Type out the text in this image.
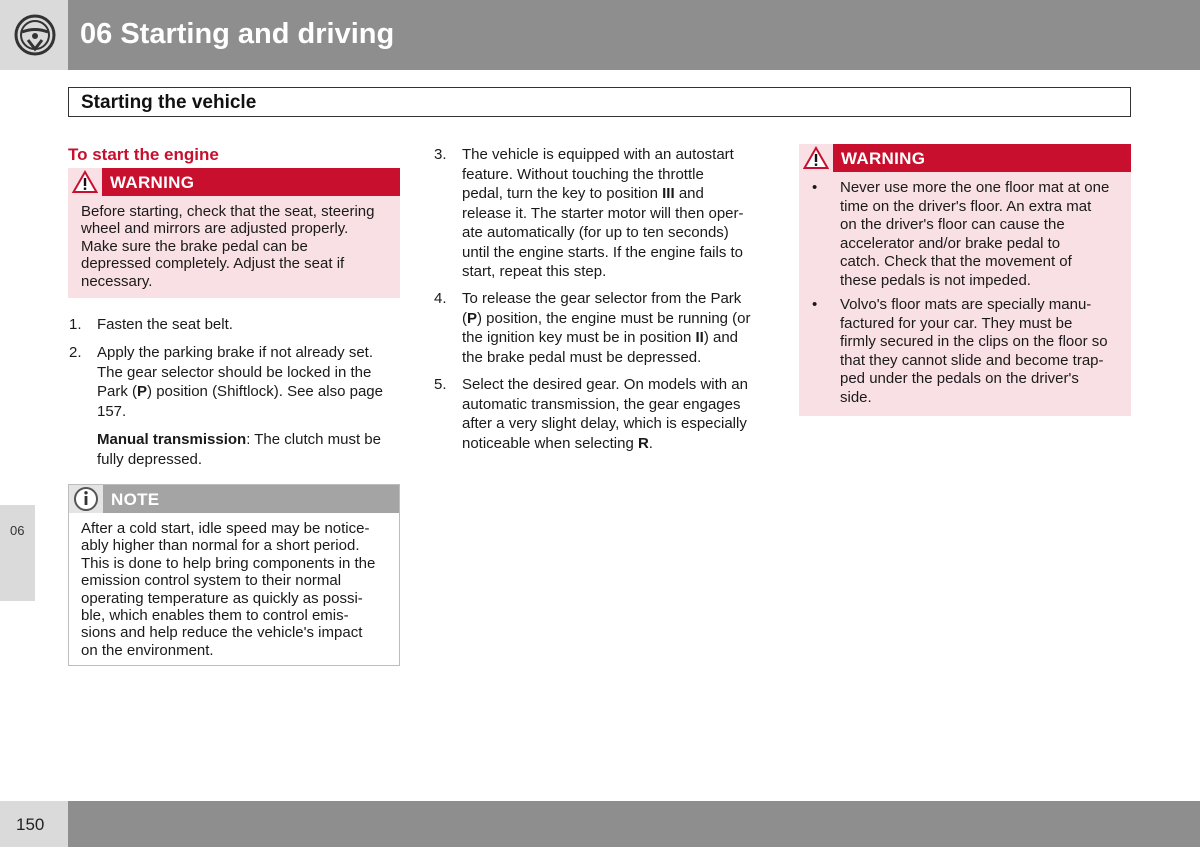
06 Starting and driving
Starting the vehicle
06
To start the engine
WARNING
Before starting, check that the seat, steering
wheel and mirrors are adjusted properly.
Make sure the brake pedal can be
depressed completely. Adjust the seat if
necessary.
1. Fasten the seat belt.
2. Apply the parking brake if not already set.
The gear selector should be locked in the
Park (P) position (Shiftlock). See also page
157.
Manual transmission: The clutch must be
fully depressed.
NOTE
After a cold start, idle speed may be notice-
ably higher than normal for a short period.
This is done to help bring components in the
emission control system to their normal
operating temperature as quickly as possi-
ble, which enables them to control emis-
sions and help reduce the vehicle's impact
on the environment.
3. The vehicle is equipped with an autostart
feature. Without touching the throttle
pedal, turn the key to position III and
release it. The starter motor will then oper-
ate automatically (for up to ten seconds)
until the engine starts. If the engine fails to
start, repeat this step.
4. To release the gear selector from the Park
(P) position, the engine must be running (or
the ignition key must be in position II) and
the brake pedal must be depressed.
5. Select the desired gear. On models with an
automatic transmission, the gear engages
after a very slight delay, which is especially
noticeable when selecting R.
WARNING
• Never use more the one floor mat at one
time on the driver's floor. An extra mat
on the driver's floor can cause the
accelerator and/or brake pedal to
catch. Check that the movement of
these pedals is not impeded.
• Volvo's floor mats are specially manu-
factured for your car. They must be
firmly secured in the clips on the floor so
that they cannot slide and become trap-
ped under the pedals on the driver's
side.
150
